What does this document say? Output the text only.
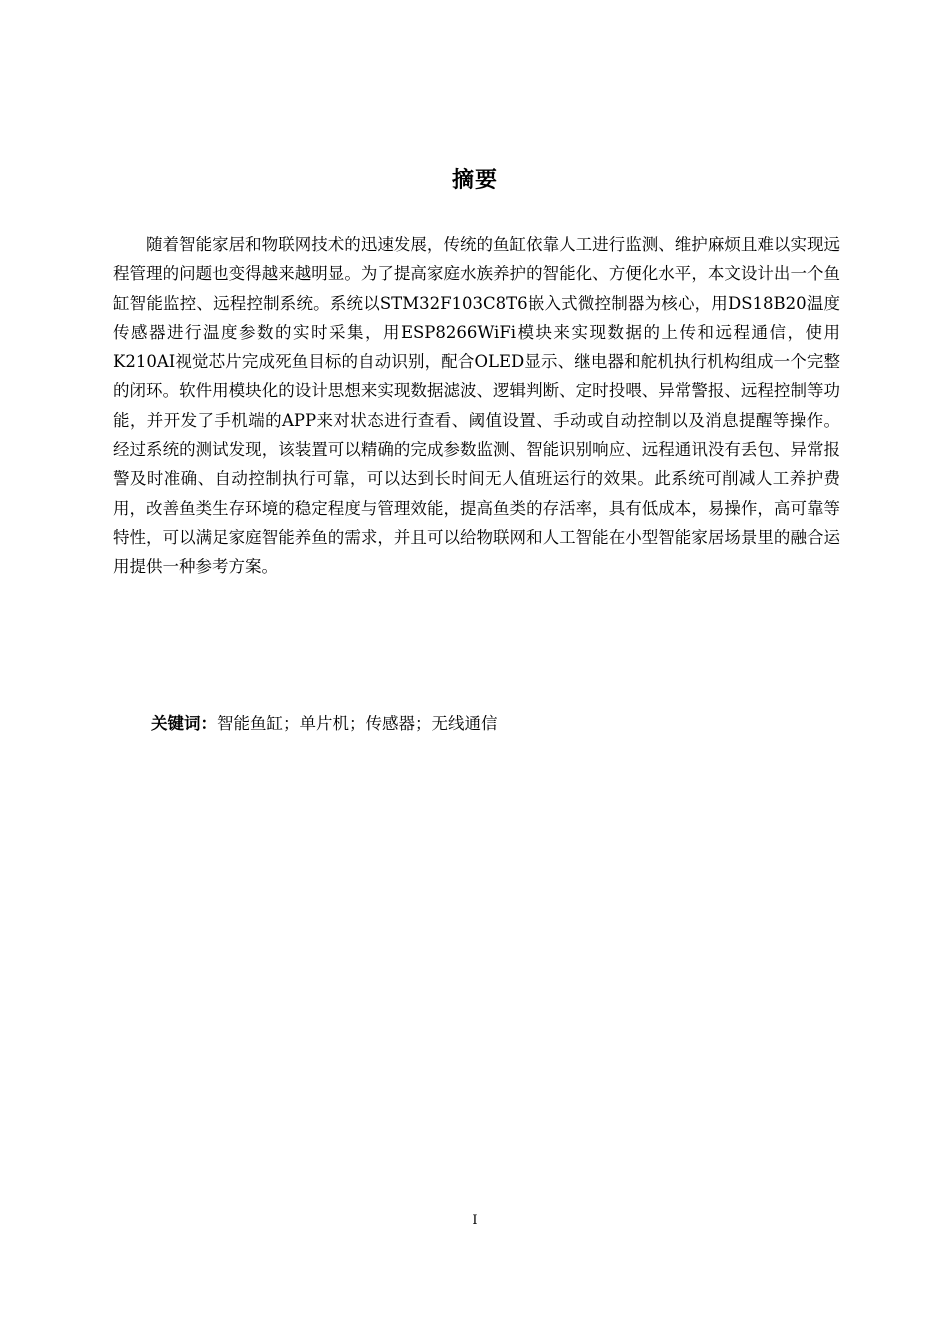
摘要

随着智能家居和物联网技术的迅速发展，传统的鱼缸依靠人工进行监测、维护麻烦且难以实现远程管理的问题也变得越来越明显。为了提高家庭水族养护的智能化、方便化水平，本文设计出一个鱼缸智能监控、远程控制系统。系统以STM32F103C8T6嵌入式微控制器为核心，用DS18B20温度传感器进行温度参数的实时采集，用ESP8266WiFi模块来实现数据的上传和远程通信，使用K210AI视觉芯片完成死鱼目标的自动识别，配合OLED显示、继电器和舵机执行机构组成一个完整的闭环。软件用模块化的设计思想来实现数据滤波、逻辑判断、定时投喂、异常警报、远程控制等功能，并开发了手机端的APP来对状态进行查看、阈值设置、手动或自动控制以及消息提醒等操作。经过系统的测试发现，该装置可以精确的完成参数监测、智能识别响应、远程通讯没有丢包、异常报警及时准确、自动控制执行可靠，可以达到长时间无人值班运行的效果。此系统可削减人工养护费用，改善鱼类生存环境的稳定程度与管理效能，提高鱼类的存活率，具有低成本，易操作，高可靠等特性，可以满足家庭智能养鱼的需求，并且可以给物联网和人工智能在小型智能家居场景里的融合运用提供一种参考方案。

关键词：智能鱼缸；单片机；传感器；无线通信

I
